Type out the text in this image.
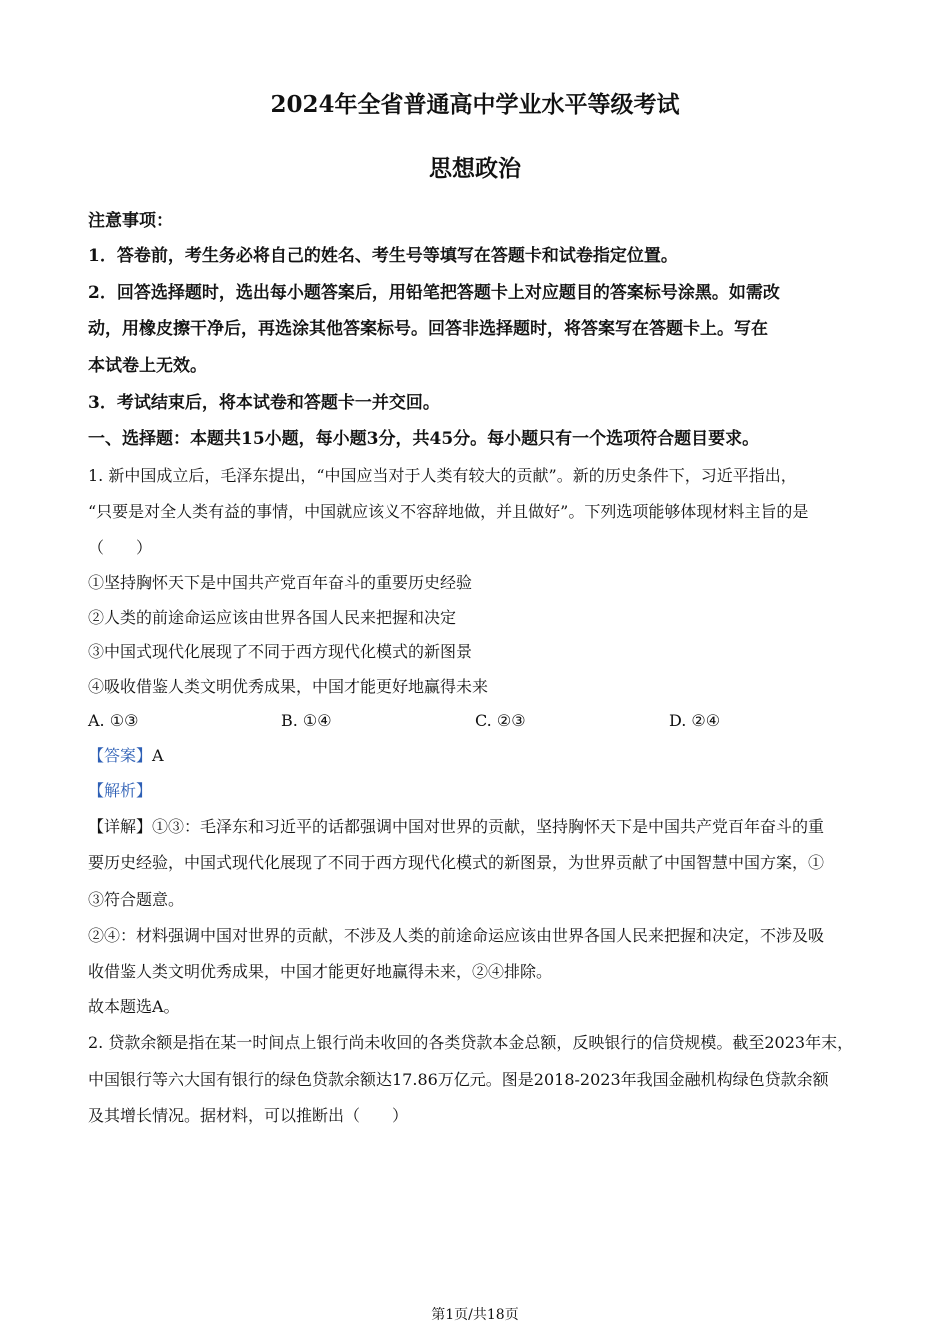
2024年全省普通高中学业水平等级考试
思想政治
注意事项：
1．答卷前，考生务必将自己的姓名、考生号等填写在答题卡和试卷指定位置。
2．回答选择题时，选出每小题答案后，用铅笔把答题卡上对应题目的答案标号涂黑。如需改
动，用橡皮擦干净后，再选涂其他答案标号。回答非选择题时，将答案写在答题卡上。写在
本试卷上无效。
3．考试结束后，将本试卷和答题卡一并交回。
一、选择题：本题共15小题，每小题3分，共45分。每小题只有一个选项符合题目要求。
1. 新中国成立后，毛泽东提出，“中国应当对于人类有较大的贡献”。新的历史条件下，习近平指出，
“只要是对全人类有益的事情，中国就应该义不容辞地做，并且做好”。下列选项能够体现材料主旨的是
（　　）
①坚持胸怀天下是中国共产党百年奋斗的重要历史经验
②人类的前途命运应该由世界各国人民来把握和决定
③中国式现代化展现了不同于西方现代化模式的新图景
④吸收借鉴人类文明优秀成果，中国才能更好地赢得未来
A. ①③	B. ①④	C. ②③	D. ②④
【答案】A
【解析】
【详解】①③：毛泽东和习近平的话都强调中国对世界的贡献，坚持胸怀天下是中国共产党百年奋斗的重
要历史经验，中国式现代化展现了不同于西方现代化模式的新图景，为世界贡献了中国智慧中国方案，①
③符合题意。
②④：材料强调中国对世界的贡献，不涉及人类的前途命运应该由世界各国人民来把握和决定，不涉及吸
收借鉴人类文明优秀成果，中国才能更好地赢得未来，②④排除。
故本题选A。
2. 贷款余额是指在某一时间点上银行尚未收回的各类贷款本金总额，反映银行的信贷规模。截至2023年末，
中国银行等六大国有银行的绿色贷款余额达17.86万亿元。图是2018-2023年我国金融机构绿色贷款余额
及其增长情况。据材料，可以推断出（　　）
第1页/共18页
